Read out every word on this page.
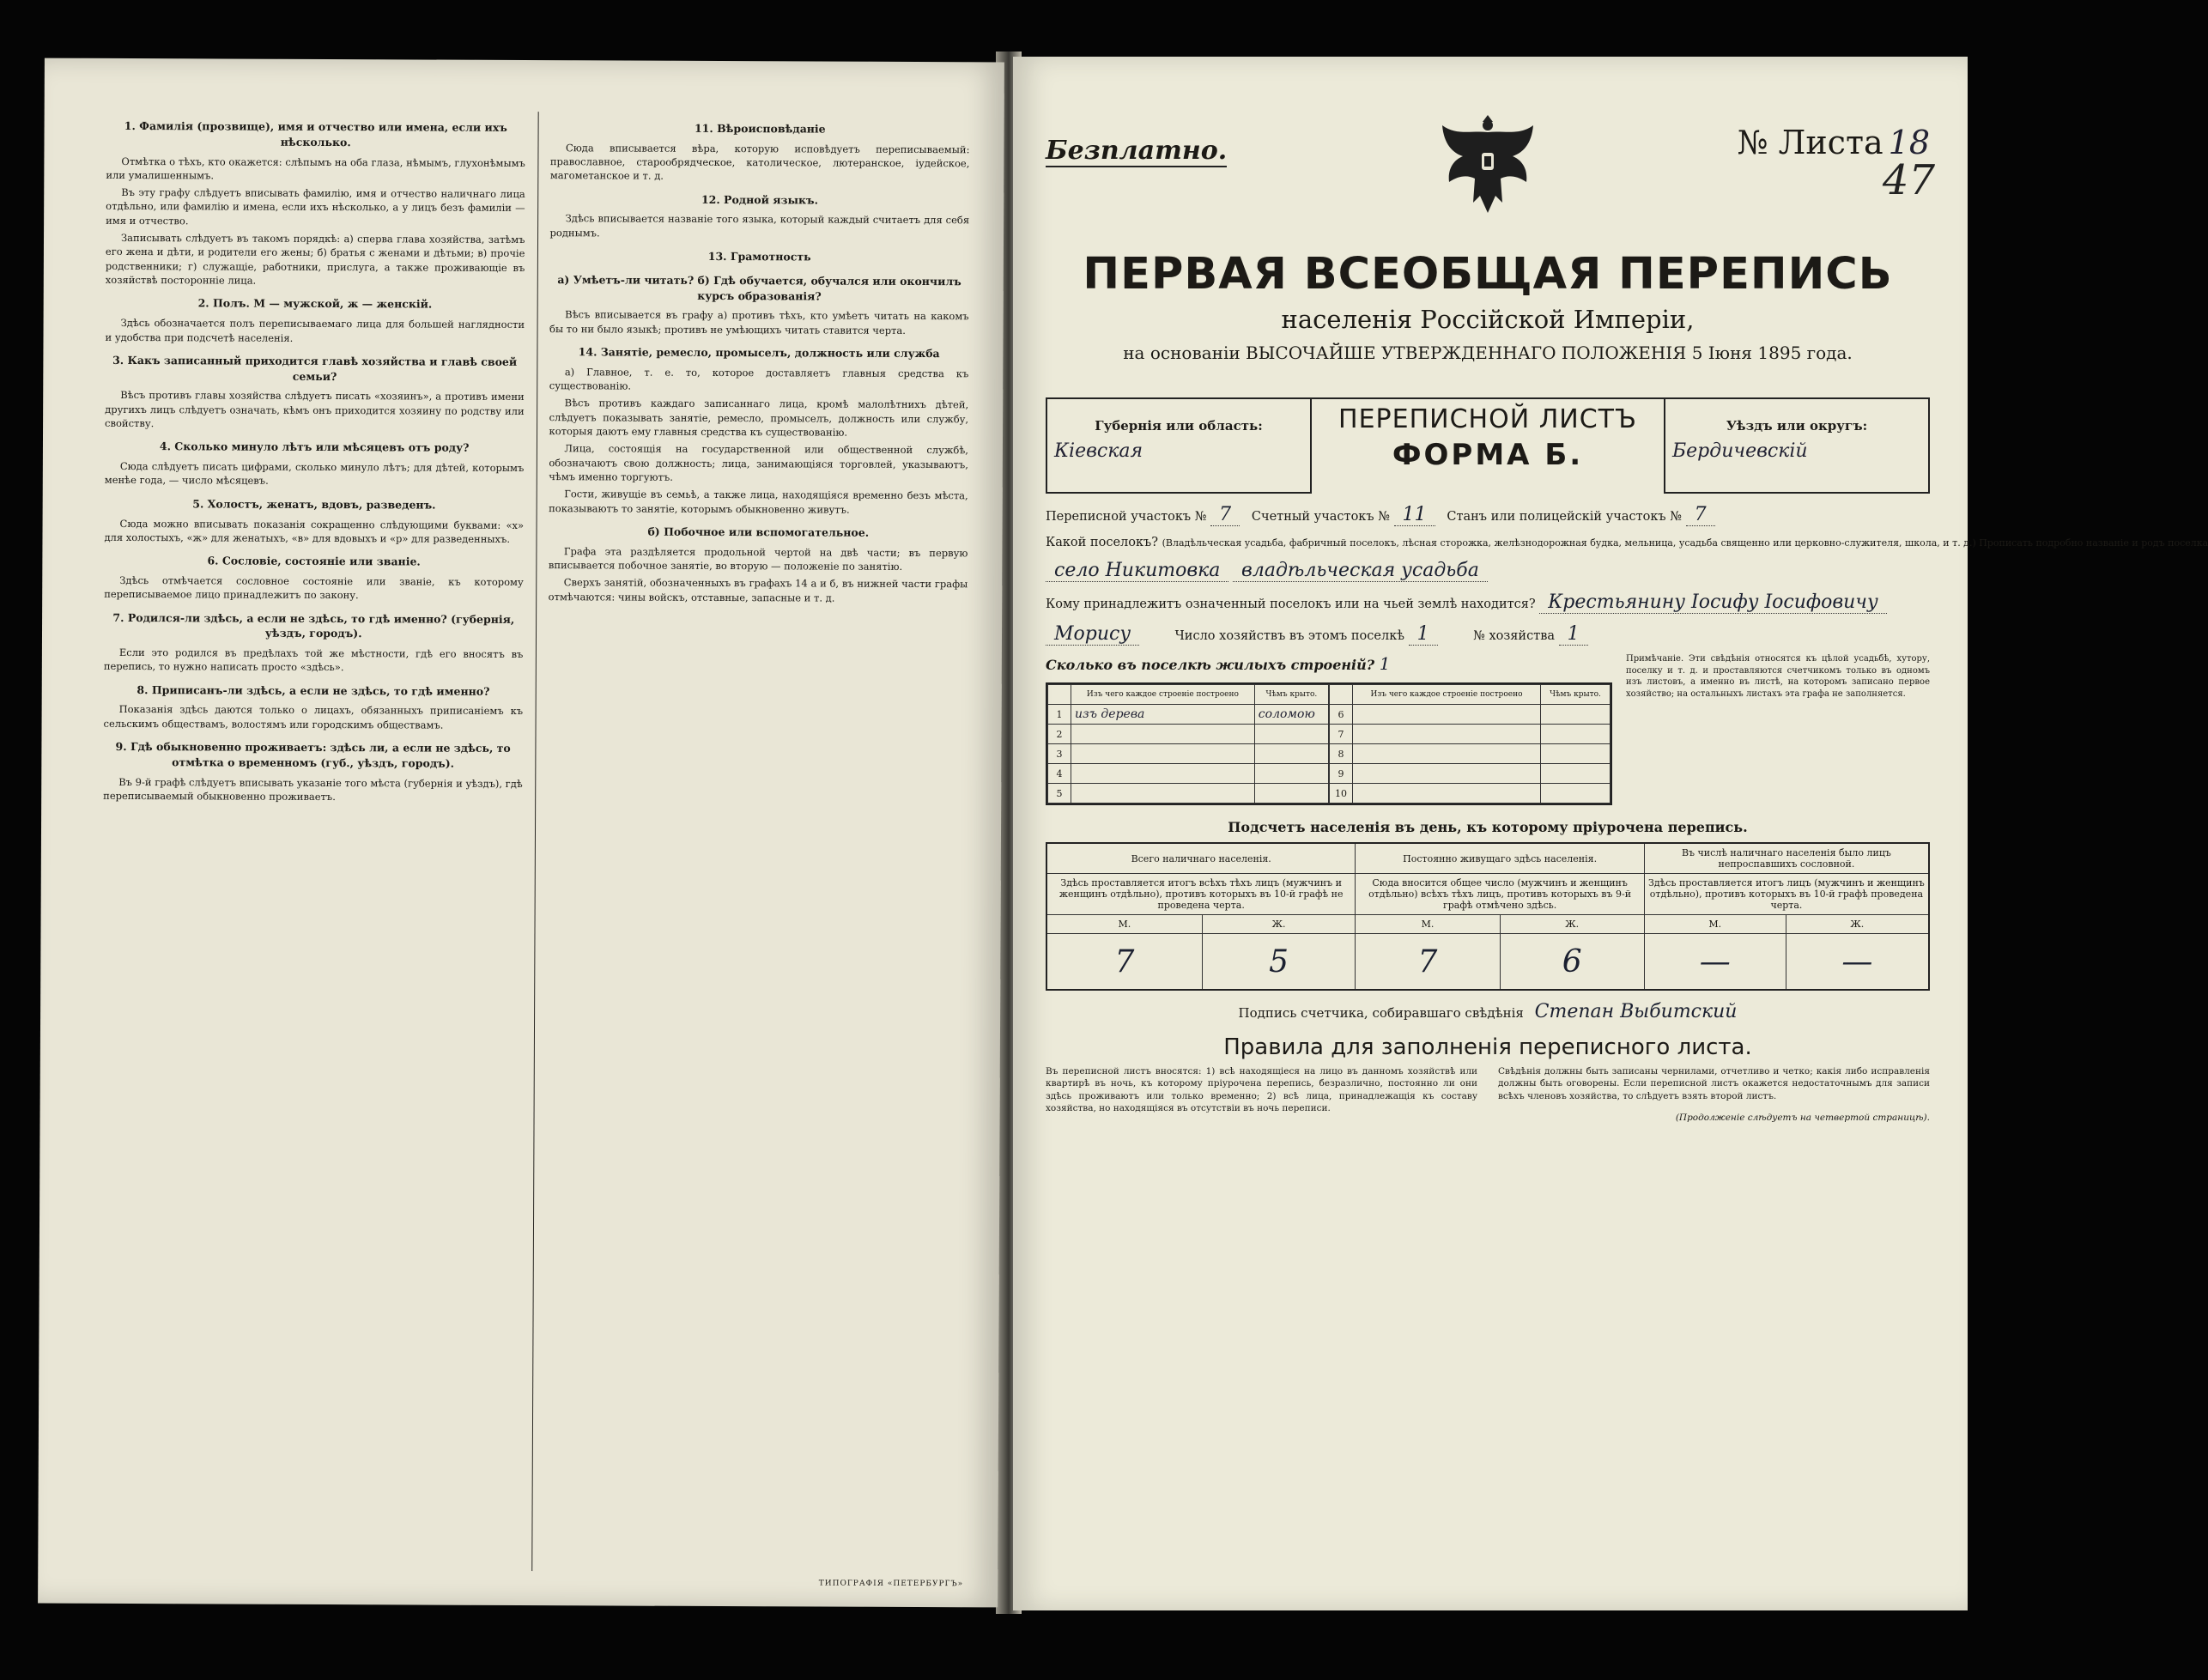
1. Фамилія (прозвище), имя и отчество или имена, если ихъ нѣсколько.

Отмѣтка о тѣхъ, кто окажется: слѣпымъ на оба глаза, нѣмымъ, глухонѣмымъ или умалишеннымъ.

Въ эту графу слѣдуетъ вписывать фамилію, имя и отчество наличнаго лица отдѣльно, или фамилію и имена, если ихъ нѣсколько, а у лицъ безъ фамиліи — имя и отчество.

Записывать слѣдуетъ въ такомъ порядкѣ: а) сперва глава хозяйства, затѣмъ его жена и дѣти, и родители его жены; б) братья с женами и дѣтьми; в) прочіе родственники; г) служащіе, работники, прислуга, а также проживающіе въ хозяйствѣ посторонніе лица.

2. Полъ. М — мужской, ж — женскій.

Здѣсь обозначается полъ переписываемаго лица для большей наглядности и удобства при подсчетѣ населенія.

3. Какъ записанный приходится главѣ хозяйства и главѣ своей семьи?

Вѣсъ противъ главы хозяйства слѣдуетъ писать «хозяинъ», а противъ имени другихъ лицъ слѣдуетъ означать, кѣмъ онъ приходится хозяину по родству или свойству.

4. Сколько минуло лѣтъ или мѣсяцевъ отъ роду?

Сюда слѣдуетъ писать цифрами, сколько минуло лѣтъ; для дѣтей, которымъ менѣе года, — число мѣсяцевъ.

5. Холостъ, женатъ, вдовъ, разведенъ.

Сюда можно вписывать показанія сокращенно слѣдующими буквами: «х» для холостыхъ, «ж» для женатыхъ, «в» для вдовыхъ и «р» для разведенныхъ.

6. Сословіе, состояніе или званіе.

Здѣсь отмѣчается сословное состояніе или званіе, къ которому переписываемое лицо принадлежитъ по закону.

7. Родился-ли здѣсь, а если не здѣсь, то гдѣ именно? (губернія, уѣздъ, городъ).

Если это родился въ предѣлахъ той же мѣстности, гдѣ его вносятъ въ перепись, то нужно написать просто «здѣсь».

8. Приписанъ-ли здѣсь, а если не здѣсь, то гдѣ именно?

Показанія здѣсь даются только о лицахъ, обязанныхъ приписаніемъ къ сельскимъ обществамъ, волостямъ или городскимъ обществамъ.

9. Гдѣ обыкновенно проживаетъ: здѣсь ли, а если не здѣсь, то отмѣтка о временномъ (губ., уѣздъ, городъ).

Въ 9-й графѣ слѣдуетъ вписывать указаніе того мѣста (губернія и уѣздъ), гдѣ переписываемый обыкновенно проживаетъ.

11. Вѣроисповѣданіе

Сюда вписывается вѣра, которую исповѣдуетъ переписываемый: православное, старообрядческое, католическое, лютеранское, іудейское, магометанское и т. д.

12. Родной языкъ.

Здѣсь вписывается названіе того языка, который каждый считаетъ для себя роднымъ.

13. Грамотность
а) Умѣетъ-ли читать? б) Гдѣ обучается, обучался или окончилъ курсъ образованія?

Вѣсъ вписывается въ графу а) противъ тѣхъ, кто умѣетъ читать на какомъ бы то ни было языкѣ; противъ не умѣющихъ читать ставится черта.

14. Занятіе, ремесло, промыселъ, должность или служба

а) Главное, т. е. то, которое доставляетъ главныя средства къ существованію.

Вѣсъ противъ каждаго записаннаго лица, кромѣ малолѣтнихъ дѣтей, слѣдуетъ показывать занятіе, ремесло, промыселъ, должность или службу, которыя даютъ ему главныя средства къ существованію.

Лица, состоящія на государственной или общественной службѣ, обозначаютъ свою должность; лица, занимающіяся торговлей, указываютъ, чѣмъ именно торгуютъ.

Гости, живущіе въ семьѣ, а также лица, находящіяся временно безъ мѣста, показываютъ то занятіе, которымъ обыкновенно живутъ.

б) Побочное или вспомогательное.

Графа эта раздѣляется продольной чертой на двѣ части; въ первую вписывается побочное занятіе, во вторую — положеніе по занятію.

Сверхъ занятій, обозначенныхъ въ графахъ 14 а и б, въ нижней части графы отмѣчаются: чины войскъ, отставные, запасные и т. д.

ТИПОГРАФІЯ «ПЕТЕРБУРГЪ»
Безплатно.	№ Листа 18
47
ПЕРВАЯ ВСЕОБЩАЯ ПЕРЕПИСЬ
населенія Россійской Имперіи,
на основаніи ВЫСОЧАЙШЕ УТВЕРЖДЕННАГО ПОЛОЖЕНІЯ 5 Іюня 1895 года.
Губернія или область:
Кіевская
ПЕРЕПИСНОЙ ЛИСТЪ
ФОРМА Б.
Уѣздъ или округъ:
Бердичевскій
Переписной участокъ № 7 Счетный участокъ № 11 Станъ или полицейскій участокъ № 7
Какой поселокъ? (Владѣльческая усадьба, фабричный поселокъ, лѣсная сторожка, желѣзнодорожная будка, мельница, усадьба священно или церковно-служителя, школа, и т. д.) Прописать подробно названіе и родъ поселка
село Никитовка владѣльческая усадьба
Кому принадлежитъ означенный поселокъ или на чьей землѣ находится? Крестьянину Іосифу Іосифовичу
Морису	Число хозяйствъ въ этомъ поселкѣ 1	№ хозяйства 1
Сколько въ поселкѣ жилыхъ строеній? 1
	Изъ чего каждое строеніе построено	Чѣмъ крыто.
1	изъ дерева	соломою
2		
3		
4		
5		
	Изъ чего каждое строеніе построено	Чѣмъ крыто.
6		
7		
8		
9		
10		
Примѣчаніе. Эти свѣдѣнія относятся къ цѣлой усадьбѣ, хутору, поселку и т. д. и проставляются счетчикомъ только въ одномъ изъ листовъ, а именно въ листѣ, на которомъ записано первое хозяйство; на остальныхъ листахъ эта графа не заполняется.
Подсчетъ населенія въ день, къ которому пріурочена перепись.
Всего наличнаго населенія.		Постоянно живущаго здѣсь населенія.		Въ числѣ наличнаго населенія было лицъ непроспавшихъ сословной.	
Здѣсь проставляется итогъ всѣхъ тѣхъ лицъ (мужчинъ и женщинъ отдѣльно), противъ которыхъ въ 10-й графѣ не проведена черта.		Сюда вносится общее число (мужчинъ и женщинъ отдѣльно) всѣхъ тѣхъ лицъ, противъ которыхъ въ 9-й графѣ отмѣчено здѣсь.		Здѣсь проставляется итогъ лицъ (мужчинъ и женщинъ отдѣльно), противъ которыхъ въ 10-й графѣ проведена черта.	
М.	Ж.	М.	Ж.	М.	Ж.
7	5	7	6	—	—
Подпись счетчика, собиравшаго свѣдѣнія Степан Выбитский
Правила для заполненія переписного листа.
Въ переписной листъ вносятся: 1) всѣ находящіеся на лицо въ данномъ хозяйствѣ или квартирѣ въ ночь, къ которому пріурочена перепись, безразлично, постоянно ли они здѣсь проживаютъ или только временно; 2) всѣ лица, принадлежащія къ составу хозяйства, но находящіяся въ отсутствіи въ ночь переписи.
Свѣдѣнія должны быть записаны чернилами, отчетливо и четко; какія либо исправленія должны быть оговорены. Если переписной листъ окажется недостаточнымъ для записи всѣхъ членовъ хозяйства, то слѣдуетъ взять второй листъ.

(Продолженіе слѣдуетъ на четвертой страницѣ).
